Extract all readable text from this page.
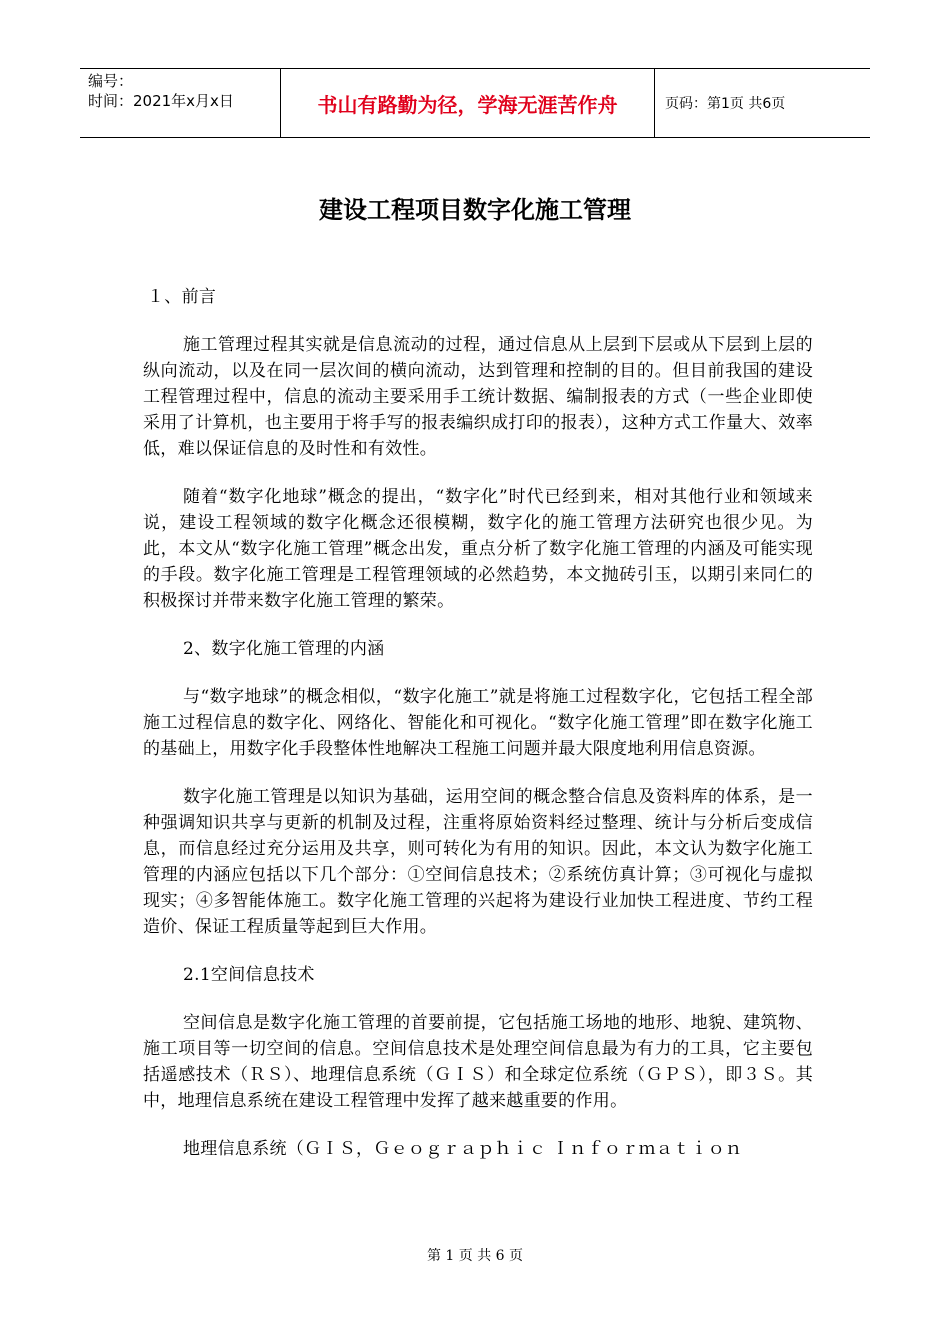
编号：
时间：2021年x月x日	书山有路勤为径，学海无涯苦作舟	页码：第1页 共6页
建设工程项目数字化施工管理

１、前言

施工管理过程其实就是信息流动的过程，通过信息从上层到下层或从下层到上层的纵向流动，以及在同一层次间的横向流动，达到管理和控制的目的。但目前我国的建设工程管理过程中，信息的流动主要采用手工统计数据、编制报表的方式（一些企业即使采用了计算机，也主要用于将手写的报表编织成打印的报表），这种方式工作量大、效率低，难以保证信息的及时性和有效性。

随着“数字化地球”概念的提出，“数字化”时代已经到来，相对其他行业和领域来说，建设工程领域的数字化概念还很模糊，数字化的施工管理方法研究也很少见。为此，本文从“数字化施工管理”概念出发，重点分析了数字化施工管理的内涵及可能实现的手段。数字化施工管理是工程管理领域的必然趋势，本文抛砖引玉，以期引来同仁的积极探讨并带来数字化施工管理的繁荣。

2、数字化施工管理的内涵

与“数字地球”的概念相似，“数字化施工”就是将施工过程数字化，它包括工程全部施工过程信息的数字化、网络化、智能化和可视化。“数字化施工管理”即在数字化施工的基础上，用数字化手段整体性地解决工程施工问题并最大限度地利用信息资源。

数字化施工管理是以知识为基础，运用空间的概念整合信息及资料库的体系，是一种强调知识共享与更新的机制及过程，注重将原始资料经过整理、统计与分析后变成信息，而信息经过充分运用及共享，则可转化为有用的知识。因此，本文认为数字化施工管理的内涵应包括以下几个部分：①空间信息技术；②系统仿真计算；③可视化与虚拟现实；④多智能体施工。数字化施工管理的兴起将为建设行业加快工程进度、节约工程造价、保证工程质量等起到巨大作用。

2.1空间信息技术

空间信息是数字化施工管理的首要前提，它包括施工场地的地形、地貌、建筑物、施工项目等一切空间的信息。空间信息技术是处理空间信息最为有力的工具，它主要包括遥感技术（ＲＳ）、地理信息系统（ＧＩＳ）和全球定位系统（ＧＰＳ），即３Ｓ。其中，地理信息系统在建设工程管理中发挥了越来越重要的作用。

地理信息系统（ＧＩＳ，Ｇｅｏｇｒａｐｈｉｃ Ｉｎｆｏｒｍａｔｉｏｎ

第 1 页 共 6 页
